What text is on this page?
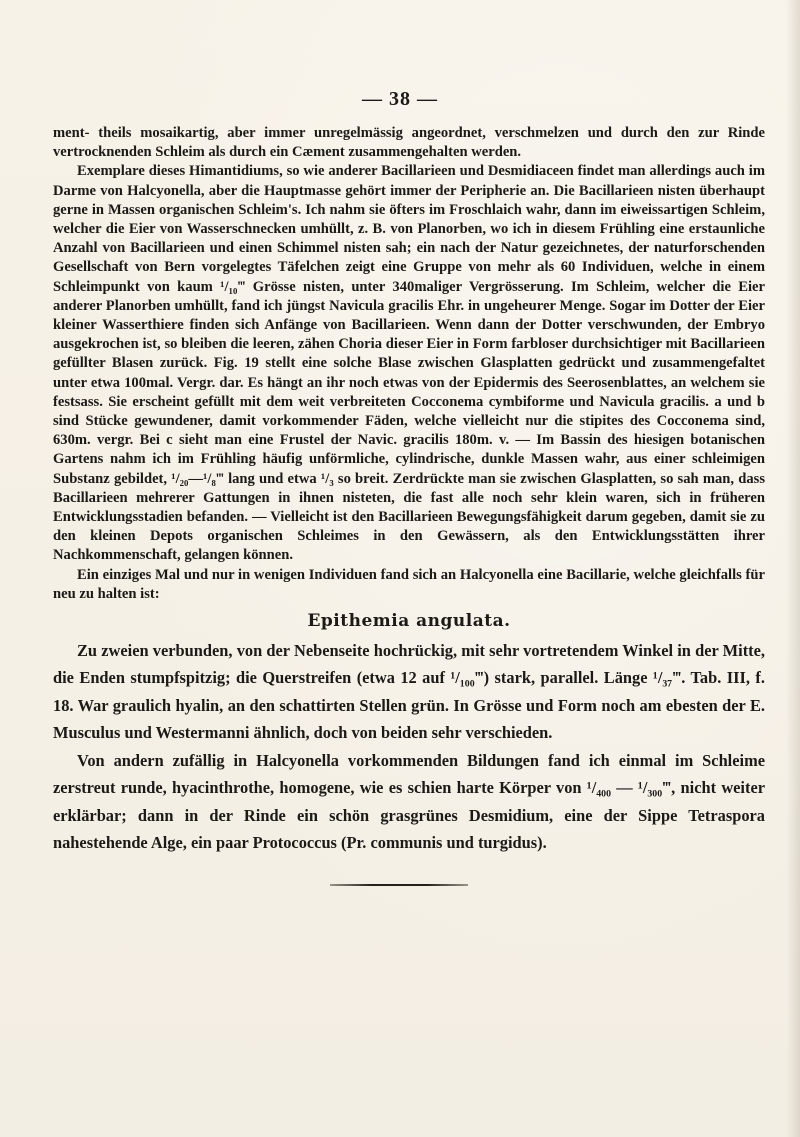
— 38 —

ment- theils mosaikartig, aber immer unregelmässig angeordnet, verschmelzen und durch den zur Rinde vertrocknenden Schleim als durch ein Cæment zusammengehalten werden.

Exemplare dieses Himantidiums, so wie anderer Bacillarieen und Desmidiaceen findet man allerdings auch im Darme von Halcyonella, aber die Hauptmasse gehört immer der Peripherie an. Die Bacillarieen nisten überhaupt gerne in Massen organischen Schleim's. Ich nahm sie öfters im Froschlaich wahr, dann im eiweissartigen Schleim, welcher die Eier von Wasserschnecken umhüllt, z. B. von Planorben, wo ich in diesem Frühling eine erstaunliche Anzahl von Bacillarieen und einen Schimmel nisten sah; ein nach der Natur gezeichnetes, der naturforschenden Gesellschaft von Bern vorgelegtes Täfelchen zeigt eine Gruppe von mehr als 60 Individuen, welche in einem Schleimpunkt von kaum ¹/₁₀‴ Grösse nisten, unter 340maliger Vergrösserung. Im Schleim, welcher die Eier anderer Planorben umhüllt, fand ich jüngst Navicula gracilis Ehr. in ungeheurer Menge. Sogar im Dotter der Eier kleiner Wasserthiere finden sich Anfänge von Bacillarieen. Wenn dann der Dotter verschwunden, der Embryo ausgekrochen ist, so bleiben die leeren, zähen Choria dieser Eier in Form farbloser durchsichtiger mit Bacillarieen gefüllter Blasen zurück. Fig. 19 stellt eine solche Blase zwischen Glasplatten gedrückt und zusammengefaltet unter etwa 100mal. Vergr. dar. Es hängt an ihr noch etwas von der Epidermis des Seerosenblattes, an welchem sie festsass. Sie erscheint gefüllt mit dem weit verbreiteten Cocconema cymbiforme und Navicula gracilis. a und b sind Stücke gewundener, damit vorkommender Fäden, welche vielleicht nur die stipites des Cocconema sind, 630m. vergr. Bei c sieht man eine Frustel der Navic. gracilis 180m. v. — Im Bassin des hiesigen botanischen Gartens nahm ich im Frühling häufig unförmliche, cylindrische, dunkle Massen wahr, aus einer schleimigen Substanz gebildet, ¹/₂₀—¹/₈‴ lang und etwa ¹/₃ so breit. Zerdrückte man sie zwischen Glasplatten, so sah man, dass Bacillarieen mehrerer Gattungen in ihnen nisteten, die fast alle noch sehr klein waren, sich in früheren Entwicklungsstadien befanden. — Vielleicht ist den Bacillarieen Bewegungsfähigkeit darum gegeben, damit sie zu den kleinen Depots organischen Schleimes in den Gewässern, als den Entwicklungsstätten ihrer Nachkommenschaft, gelangen können.

Ein einziges Mal und nur in wenigen Individuen fand sich an Halcyonella eine Bacillarie, welche gleichfalls für neu zu halten ist:

Epithemia angulata.

Zu zweien verbunden, von der Nebenseite hochrückig, mit sehr vortretendem Winkel in der Mitte, die Enden stumpfspitzig; die Querstreifen (etwa 12 auf ¹/₁₀₀‴) stark, parallel. Länge ¹/₃₇‴. Tab. III, f. 18. War graulich hyalin, an den schattirten Stellen grün. In Grösse und Form noch am ebesten der E. Musculus und Westermanni ähnlich, doch von beiden sehr verschieden.

Von andern zufällig in Halcyonella vorkommenden Bildungen fand ich einmal im Schleime zerstreut runde, hyacinthrothe, homogene, wie es schien harte Körper von ¹/₄₀₀ — ¹/₃₀₀‴, nicht weiter erklärbar; dann in der Rinde ein schön grasgrünes Desmidium, eine der Sippe Tetraspora nahestehende Alge, ein paar Protococcus (Pr. communis und turgidus).
